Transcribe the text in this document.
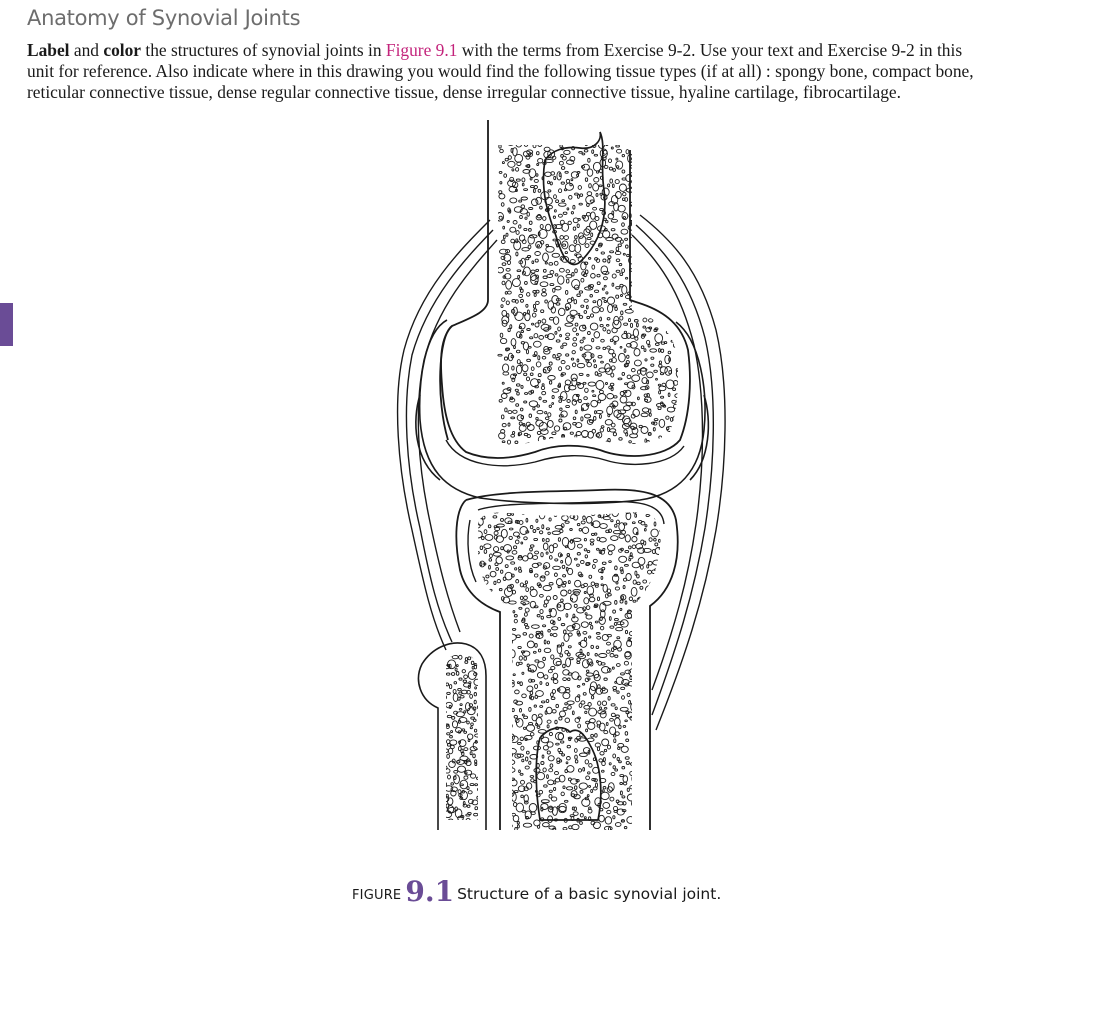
Anatomy of Synovial Joints
Label and color the structures of synovial joints in Figure 9.1 with the terms from Exercise 9-2. Use your text and Exercise 9-2 in this unit for reference. Also indicate where in this drawing you would find the following tissue types (if at all) : spongy bone, compact bone, reticular connective tissue, dense regular connective tissue, dense irregular connective tissue, hyaline cartilage, fibrocartilage.
FIGURE 9.1 Structure of a basic synovial joint.
